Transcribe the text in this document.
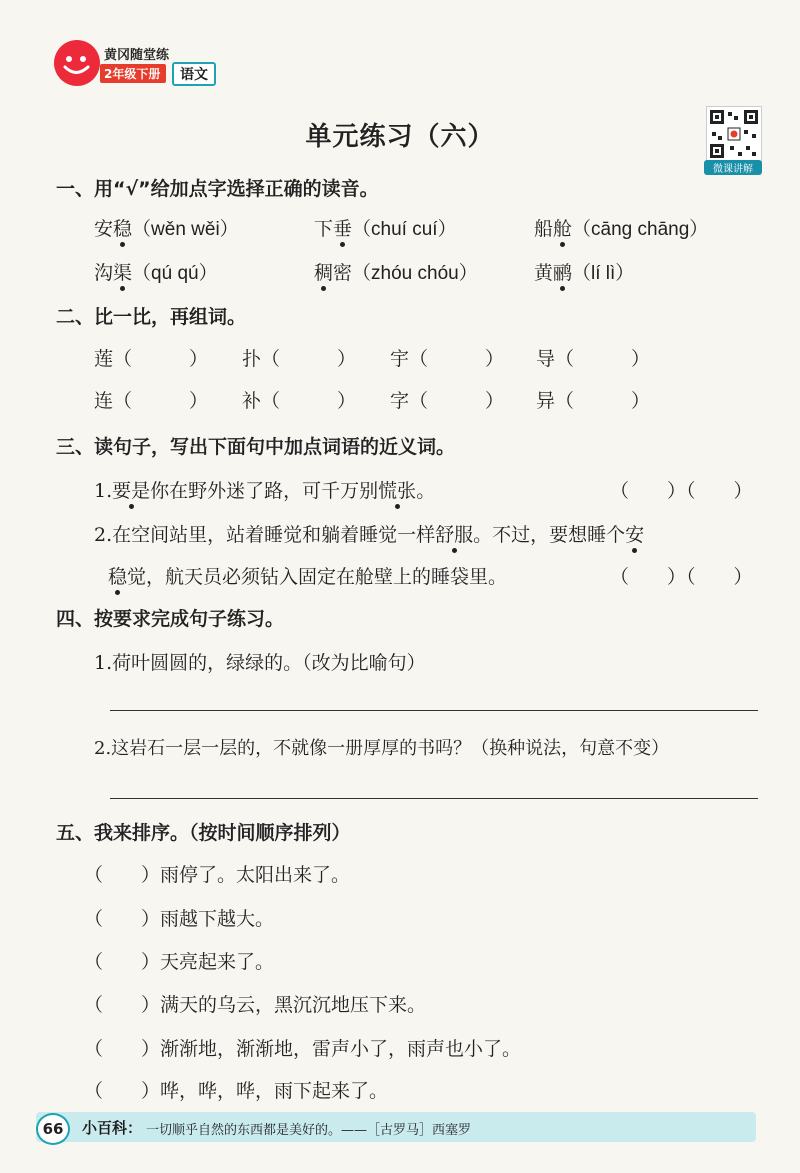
黄冈随堂练
2年级下册	语文
单元练习（六）
微课讲解
一、用“√”给加点字选择正确的读音。
安稳（wěn wěi）	下垂（chuí cuí）	船舱（cāng chāng）
沟渠（qú qú）	稠密（zhóu chóu）	黄鹂（lí lì）
二、比一比，再组词。
莲（　　　） 扑（　　　） 宇（　　　） 导（　　　）
连（　　　） 补（　　　） 字（　　　） 异（　　　）
三、读句子，写出下面句中加点词语的近义词。
1.要是你在野外迷了路，可千万别慌张。	（　　）（　　）
2.在空间站里，站着睡觉和躺着睡觉一样舒服。不过，要想睡个安
稳觉，航天员必须钻入固定在舱壁上的睡袋里。	（　　）（　　）
四、按要求完成句子练习。
1.荷叶圆圆的，绿绿的。（改为比喻句）
2.这岩石一层一层的，不就像一册厚厚的书吗？（换种说法，句意不变）
五、我来排序。（按时间顺序排列）
（　　）雨停了。太阳出来了。
（　　）雨越下越大。
（　　）天亮起来了。
（　　）满天的乌云，黑沉沉地压下来。
（　　）渐渐地，渐渐地，雷声小了，雨声也小了。
（　　）哗，哗，哗，雨下起来了。
66	小百科： 一切顺乎自然的东西都是美好的。——［古罗马］西塞罗
